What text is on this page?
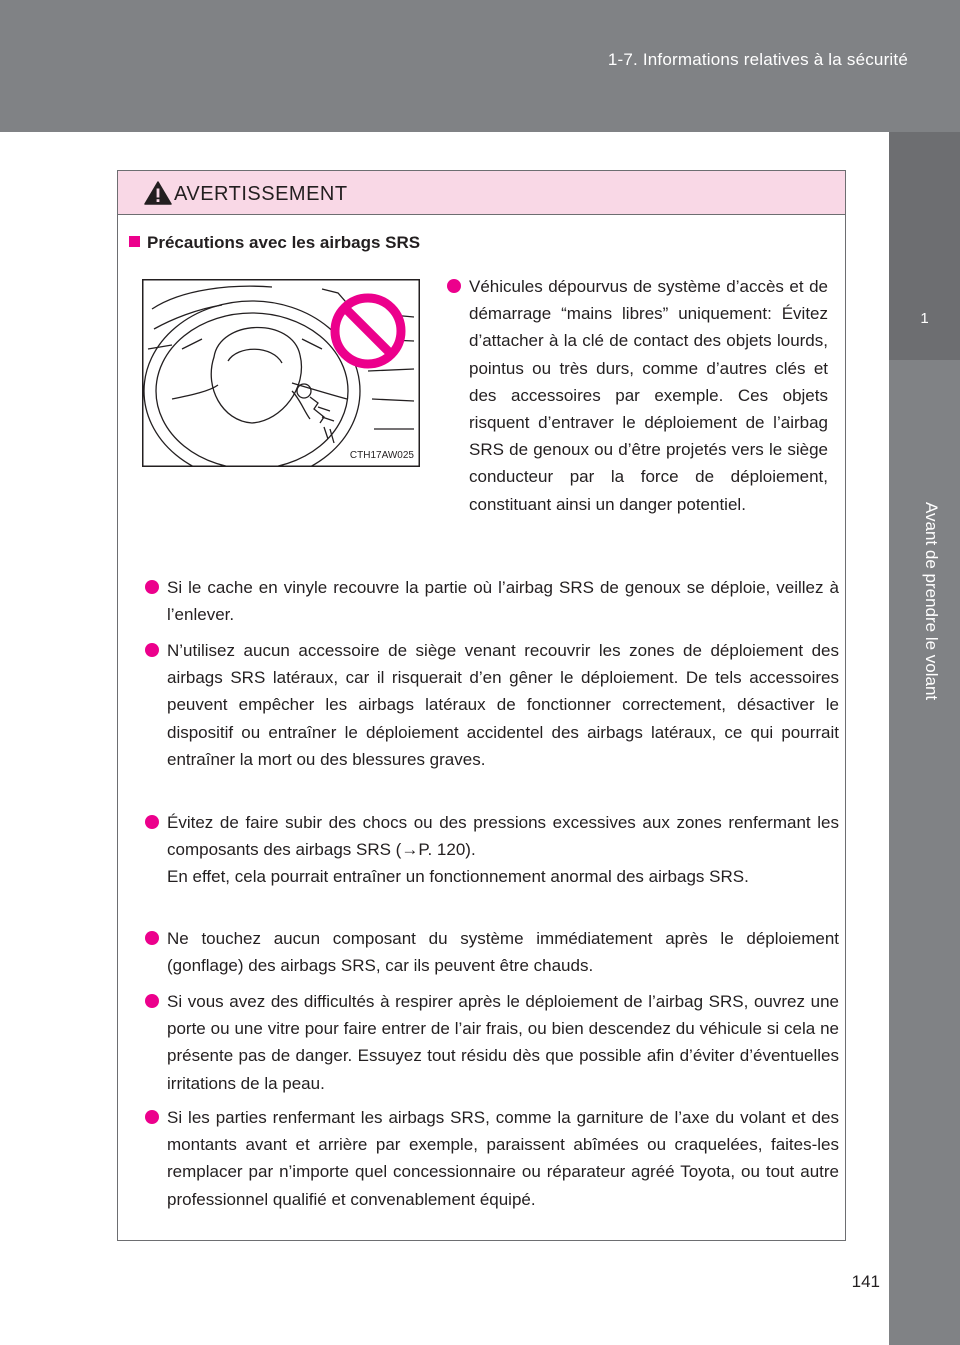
1-7. Informations relatives à la sécurité
1
Avant de prendre le volant
AVERTISSEMENT
Précautions avec les airbags SRS
CTH17AW025

Véhicules dépourvus de système d’accès et de démarrage “mains libres” uniquement: Évitez d’attacher à la clé de contact des objets lourds, pointus ou très durs, comme d’autres clés et des accessoires par exemple. Ces objets risquent d’entraver le déploiement de l’airbag SRS de genoux ou d’être projetés vers le siège conducteur par la force de déploiement, constituant ainsi un danger potentiel.

Si le cache en vinyle recouvre la partie où l’airbag SRS de genoux se déploie, veillez à l’enlever.

N’utilisez aucun accessoire de siège venant recouvrir les zones de déploiement des airbags SRS latéraux, car il risquerait d’en gêner le déploiement. De tels accessoires peuvent empêcher les airbags latéraux de fonctionner correctement, désactiver le dispositif ou entraîner le déploiement accidentel des airbags latéraux, ce qui pourrait entraîner la mort ou des blessures graves.

Évitez de faire subir des chocs ou des pressions excessives aux zones renfermant les composants des airbags SRS (→P. 120).

En effet, cela pourrait entraîner un fonctionnement anormal des airbags SRS.

Ne touchez aucun composant du système immédiatement après le déploiement (gonflage) des airbags SRS, car ils peuvent être chauds.

Si vous avez des difficultés à respirer après le déploiement de l’airbag SRS, ouvrez une porte ou une vitre pour faire entrer de l’air frais, ou bien descendez du véhicule si cela ne présente pas de danger. Essuyez tout résidu dès que possible afin d’éviter d’éventuelles irritations de la peau.

Si les parties renfermant les airbags SRS, comme la garniture de l’axe du volant et des montants avant et arrière par exemple, paraissent abîmées ou craquelées, faites-les remplacer par n’importe quel concessionnaire ou réparateur agréé Toyota, ou tout autre professionnel qualifié et convenablement équipé.

141
